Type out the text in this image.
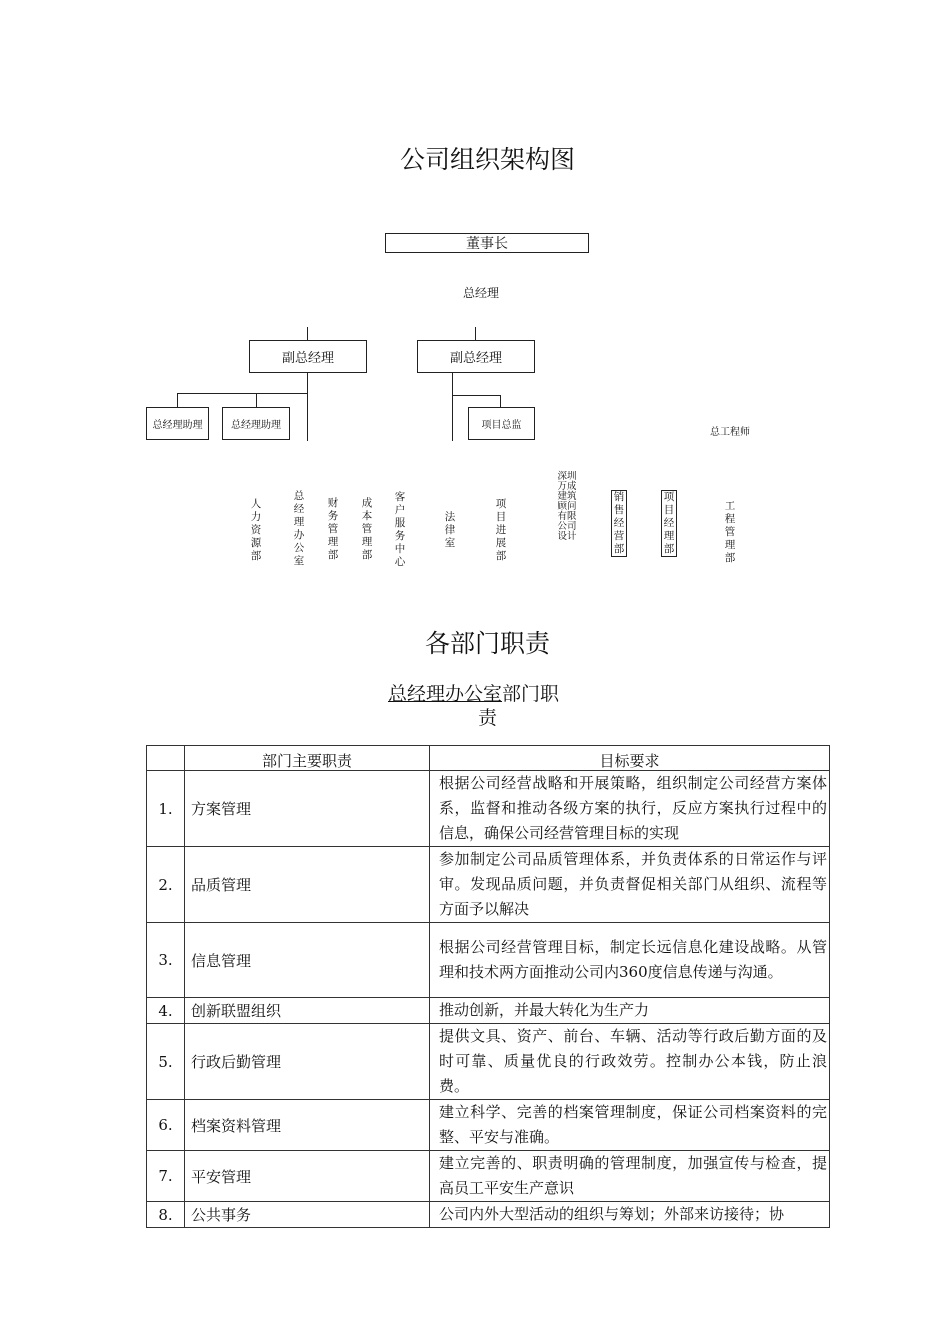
公司组织架构图
董事长
总经理
副总经理	副总经理
总经理助理	总经理助理	项目总监
总工程师
人力资源部
总经理办公室
财务管理部
成本管理部
客户服务中心
法律室
项目进展部
深圳万成建筑顾问有限公司设计
销售经营部
项目经理部
工程管理部
各部门职责
总经理办公室部门职
责
	部门主要职责	目标要求
1.	方案管理	根据公司经营战略和开展策略，组织制定公司经营方案体系，监督和推动各级方案的执行，反应方案执行过程中的信息，确保公司经营管理目标的实现
2.	品质管理	参加制定公司品质管理体系，并负责体系的日常运作与评审。发现品质问题，并负责督促相关部门从组织、流程等方面予以解决
3.	信息管理	根据公司经营管理目标，制定长远信息化建设战略。从管理和技术两方面推动公司内360度信息传递与沟通。
4.	创新联盟组织	推动创新，并最大转化为生产力
5.	行政后勤管理	提供文具、资产、前台、车辆、活动等行政后勤方面的及时可靠、质量优良的行政效劳。控制办公本钱，防止浪费。
6.	档案资料管理	建立科学、完善的档案管理制度，保证公司档案资料的完整、平安与准确。
7.	平安管理	建立完善的、职责明确的管理制度，加强宣传与检查，提高员工平安生产意识
8.	公共事务	公司内外大型活动的组织与筹划；外部来访接待；协
